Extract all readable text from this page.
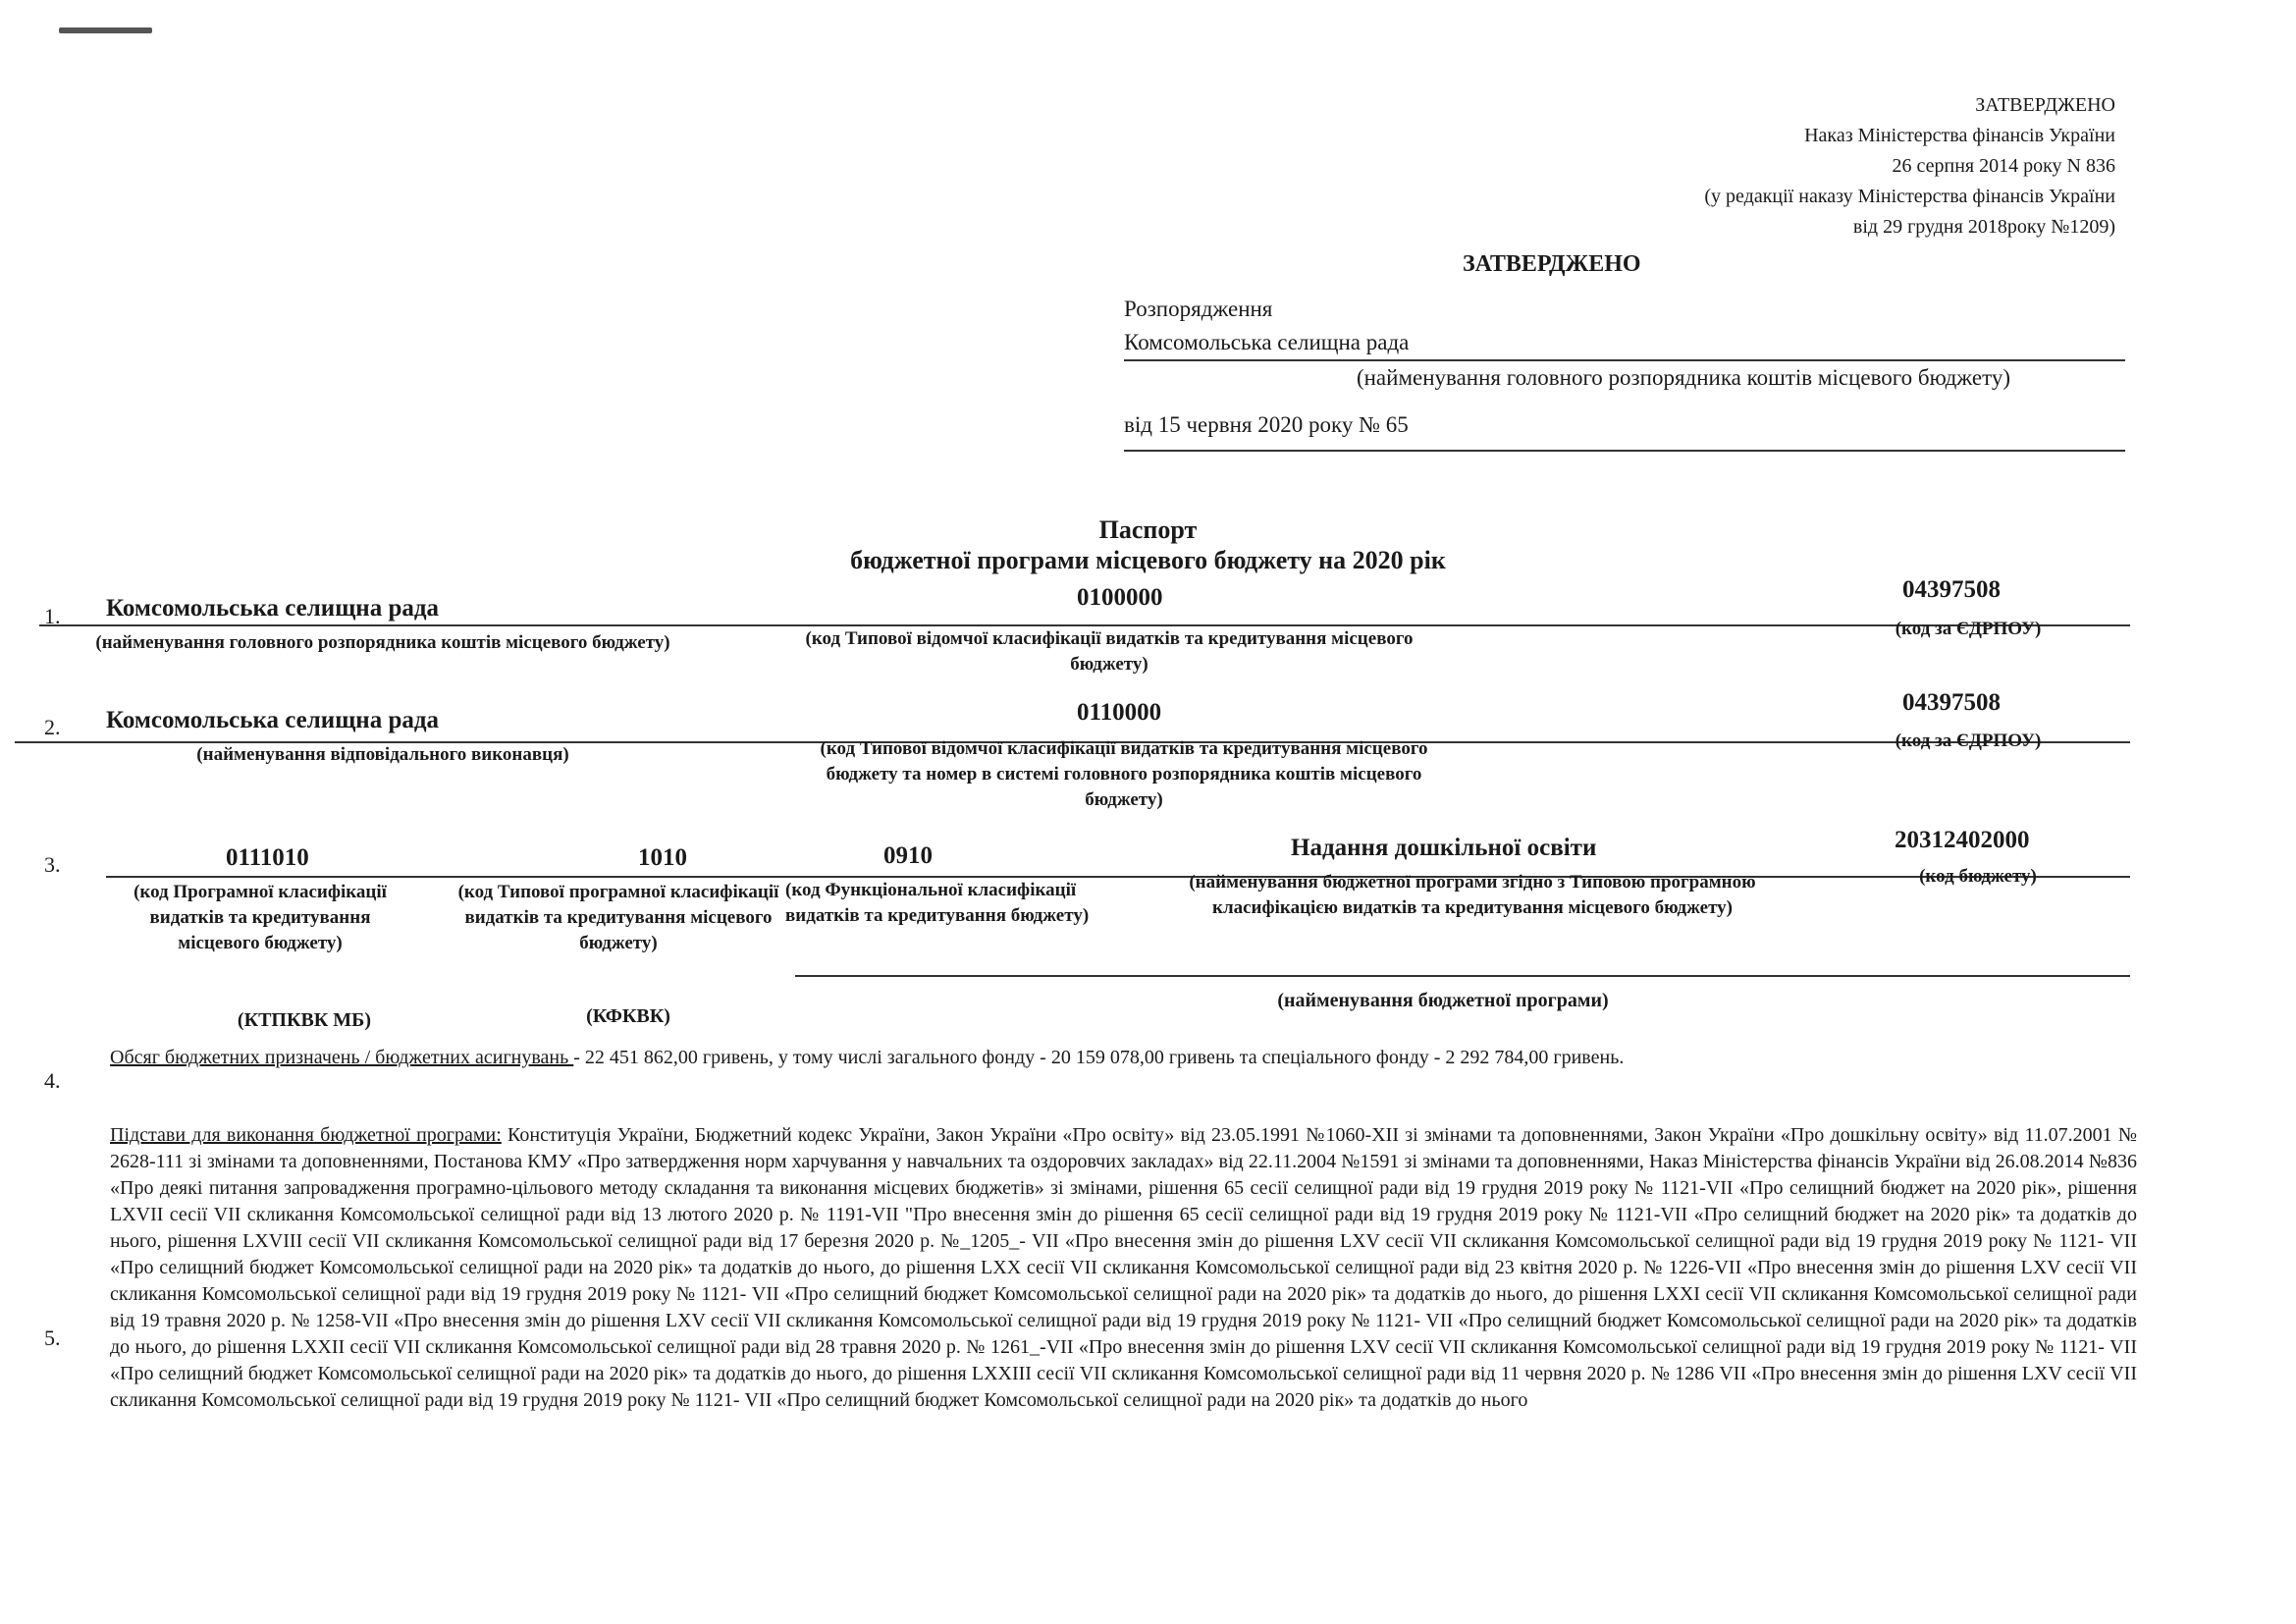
ЗАТВЕРДЖЕНО
Наказ Міністерства фінансів України
26 серпня 2014 року N 836
(у редакції наказу Міністерства фінансів України
від 29 грудня 2018року №1209)
ЗАТВЕРДЖЕНО
Розпорядження
Комсомольська селищна рада
(найменування головного розпорядника коштів місцевого бюджету)
від 15 червня 2020 року № 65
Паспорт
бюджетної програми місцевого бюджету на 2020 рік
1. Комсомольська селищна рада	0100000	04397508
(найменування головного розпорядника коштів місцевого бюджету)	(код Типової відомчої класифікації видатків та кредитування місцевого бюджету)
(код за ЄДРПОУ)
2. Комсомольська селищна рада	0110000	04397508
(найменування відповідального виконавця)	(код Типової відомчої класифікації видатків та кредитування місцевого бюджету та номер в системі головного розпорядника коштів місцевого бюджету)
(код за ЄДРПОУ)
3.	0111010	1010	0910	Надання дошкільної освіти	20312402000
(код Програмної класифікації видатків та кредитування місцевого бюджету)
(код Типової програмної класифікації видатків та кредитування місцевого бюджету)
(код Функціональної класифікації видатків та кредитування бюджету)
(найменування бюджетної програми згідно з Типовою програмною класифікацією видатків та кредитування місцевого бюджету)
(код бюджету)
(КТПКВК МБ)	(КФКВК)
(найменування бюджетної програми)
4.
Обсяг бюджетних призначень / бюджетних асигнувань - 22 451 862,00 гривень, у тому числі загального фонду - 20 159 078,00 гривень та спеціального фонду - 2 292 784,00 гривень.
5.
Підстави для виконання бюджетної програми: Конституція України, Бюджетний кодекс України, Закон України «Про освіту» від 23.05.1991 №1060-XII зі змінами та доповненнями, Закон України «Про дошкільну освіту» від 11.07.2001 № 2628-111 зі змінами та доповненнями, Постанова КМУ «Про затвердження норм харчування у навчальних та оздоровчих закладах» від 22.11.2004 №1591 зі змінами та доповненнями, Наказ Міністерства фінансів України від 26.08.2014 №836 «Про деякі питання запровадження програмно-цільового методу складання та виконання місцевих бюджетів» зі змінами, рішення 65 сесії селищної ради від 19 грудня 2019 року № 1121-VII «Про селищний бюджет на 2020 рік», рішення LXVII сесії VII скликання Комсомольської селищної ради від 13 лютого 2020 р. № 1191-VII "Про внесення змін до рішення 65 сесії селищної ради від 19 грудня 2019 року № 1121-VII «Про селищний бюджет на 2020 рік» та додатків до нього, рішення LXVIII сесії VII скликання Комсомольської селищної ради від 17 березня 2020 р. №_1205_- VII «Про внесення змін до рішення LXV сесії VII скликання Комсомольської селищної ради від 19 грудня 2019 року № 1121- VII «Про селищний бюджет Комсомольської селищної ради на 2020 рік» та додатків до нього, до рішення LXX сесії VII скликання Комсомольської селищної ради від 23 квітня 2020 р. № 1226-VII «Про внесення змін до рішення LXV сесії VII скликання Комсомольської селищної ради від 19 грудня 2019 року № 1121- VII «Про селищний бюджет Комсомольської селищної ради на 2020 рік» та додатків до нього, до рішення LXXI сесії VII скликання Комсомольської селищної ради від 19 травня 2020 р. № 1258-VII «Про внесення змін до рішення LXV сесії VII скликання Комсомольської селищної ради від 19 грудня 2019 року № 1121- VII «Про селищний бюджет Комсомольської селищної ради на 2020 рік» та додатків до нього, до рішення LXXII сесії VII скликання Комсомольської селищної ради від 28 травня 2020 р. № 1261_-VII «Про внесення змін до рішення LXV сесії VII скликання Комсомольської селищної ради від 19 грудня 2019 року № 1121- VII «Про селищний бюджет Комсомольської селищної ради на 2020 рік» та додатків до нього, до рішення LXXIII сесії VII скликання Комсомольської селищної ради від 11 червня 2020 р. № 1286 VII «Про внесення змін до рішення LXV сесії VII скликання Комсомольської селищної ради від 19 грудня 2019 року № 1121- VII «Про селищний бюджет Комсомольської селищної ради на 2020 рік» та додатків до нього
